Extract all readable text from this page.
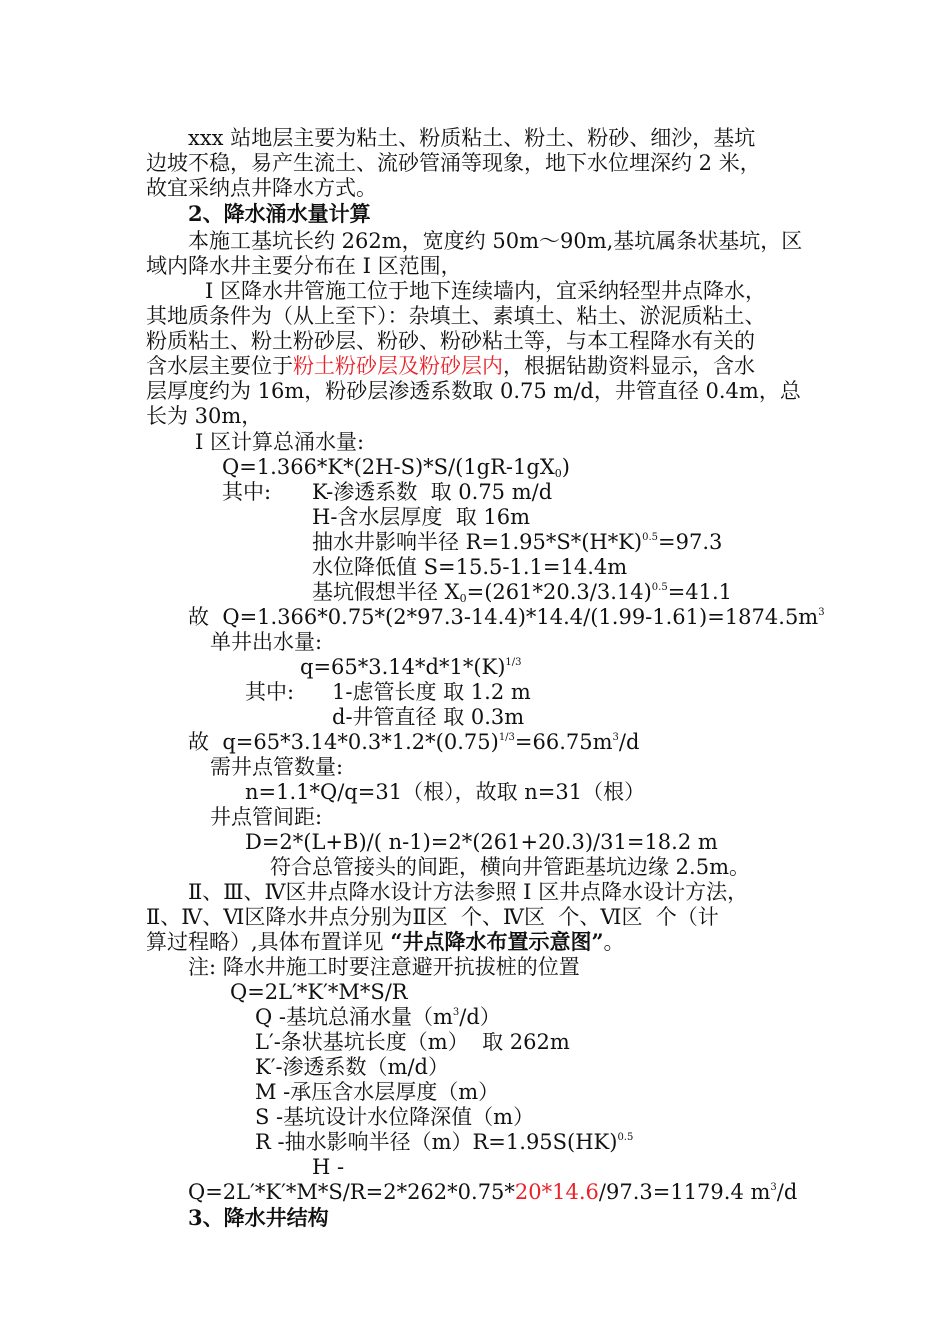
xxx 站地层主要为粘土、粉质粘土、粉土、粉砂、细沙，基坑
边坡不稳，易产生流土、流砂管涌等现象，地下水位埋深约 2 米，
故宜采纳点井降水方式。
2、降水涌水量计算
本施工基坑长约 262m，宽度约 50m～90m,基坑属条状基坑，区
域内降水井主要分布在 I 区范围，
I 区降水井管施工位于地下连续墙内，宜采纳轻型井点降水，
其地质条件为（从上至下）：杂填土、素填土、粘土、淤泥质粘土、
粉质粘土、粉土粉砂层、粉砂、粉砂粘土等，与本工程降水有关的
含水层主要位于粉土粉砂层及粉砂层内，根据钻勘资料显示，含水
层厚度约为 16m，粉砂层渗透系数取 0.75 m/d，井管直径 0.4m，总
长为 30m，
I 区计算总涌水量:
$Q=1.366*K*(2H-S)*S/(1gR-1gX_0)$
其中: K-渗透系数  取 0.75 m/d
H-含水层厚度  取 16m
抽水井影响半径 $R=1.95*S*(H*K)^{0.5}=97.3$
水位降低值 S=15.5-1.1=14.4m
基坑假想半径 $X_0=(261*20.3/3.14)^{0.5}=41.1$
故  $Q=1.366*0.75*(2*97.3-14.4)*14.4/(1.99-1.61)=1874.5m^3$
单井出水量:
$q=65*3.14*d*1*(K)^{1/3}$
其中: 1-虑管长度 取 1.2 m
d-井管直径 取 0.3m
故  $q=65*3.14*0.3*1.2*(0.75)^{1/3}=66.75m^3/d$
需井点管数量:
n=1.1*Q/q=31（根），故取 n=31（根）
井点管间距:
D=2*(L+B)/( n-1)=2*(261+20.3)/31=18.2 m
符合总管接头的间距，横向井管距基坑边缘 2.5m。
Ⅱ、Ⅲ、Ⅳ区井点降水设计方法参照 I 区井点降水设计方法，
Ⅱ、Ⅳ、Ⅵ区降水井点分别为Ⅱ区  个、Ⅳ区  个、Ⅵ区  个（计
算过程略）,具体布置详见 “井点降水布置示意图”。
注: 降水井施工时要注意避开抗拔桩的位置
Q=2L′*K′*M*S/R
Q -基坑总涌水量$(m^3/d)$
L′-条状基坑长度（m）  取 262m
K′-渗透系数（m/d）
M -承压含水层厚度（m）
S -基坑设计水位降深值（m）
R -抽水影响半径（m）R=1.95S(HK)$^{0.5}$
H -
Q=2L′*K′*M*S/R=2*262*0.75*20*14.6/97.3=1179.4 $m^3/d$
3、降水井结构
